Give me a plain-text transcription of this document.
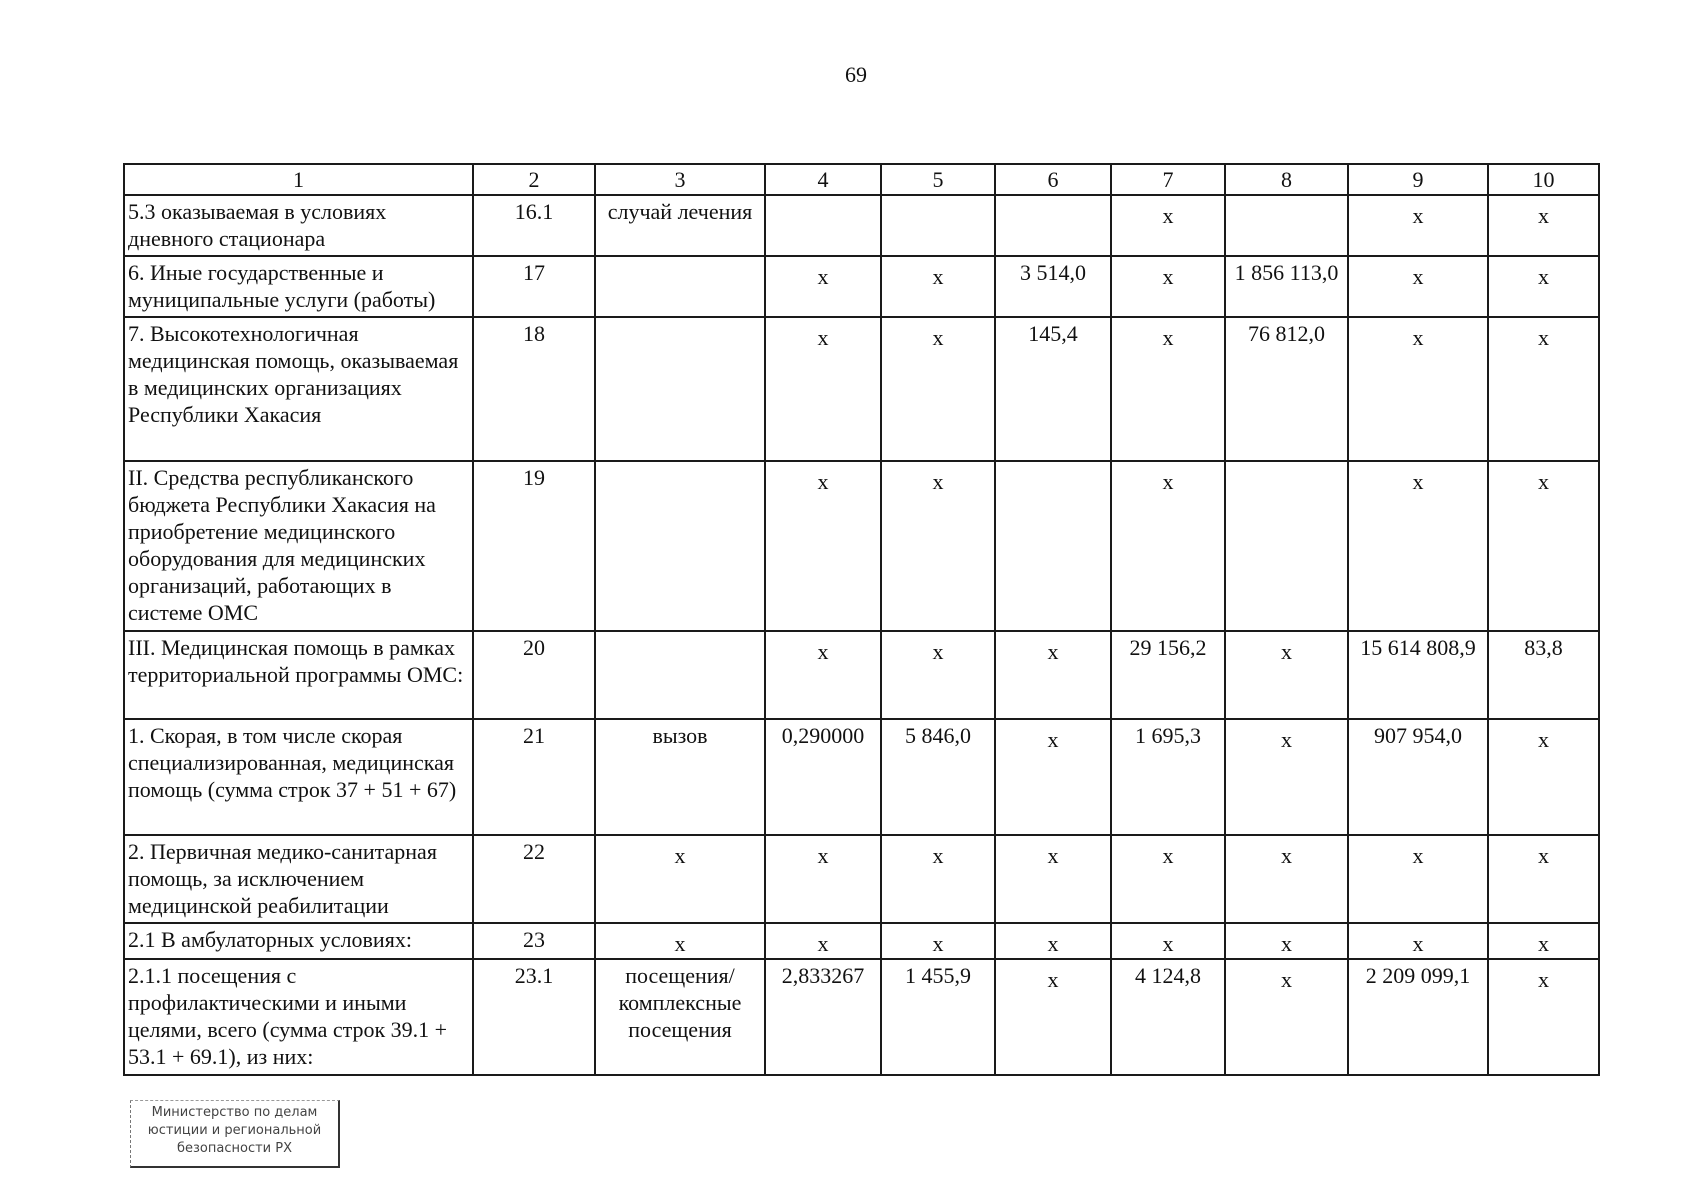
69
1	2	3	4	5	6	7	8	9	10
5.3 оказываемая в условиях дневного стационара	16.1	случай лечения				х		х	х
6. Иные государственные и муниципальные услуги (работы)	17		х	х	3 514,0	х	1 856 113,0	х	х
7. Высокотехнологичная медицинская помощь, оказываемая в медицинских организациях Республики Хакасия	18		х	х	145,4	х	76 812,0	х	х
II. Средства республиканского бюджета Республики Хакасия на приобретение медицинского оборудования для медицинских организаций, работающих в системе ОМС	19		х	х		х		х	х
III. Медицинская помощь в рамках территориальной программы ОМС:	20		х	х	х	29 156,2	х	15 614 808,9	83,8
1. Скорая, в том числе скорая специализированная, медицинская помощь (сумма строк 37 + 51 + 67)	21	вызов	0,290000	5 846,0	х	1 695,3	х	907 954,0	х
2. Первичная медико-санитарная помощь, за исключением медицинской реабилитации	22	х	х	х	х	х	х	х	х
2.1 В амбулаторных условиях:	23	х	х	х	х	х	х	х	х
2.1.1 посещения с профилактическими и иными целями, всего (сумма строк 39.1 + 53.1 + 69.1), из них:	23.1	посещения/ комплексные посещения	2,833267	1 455,9	х	4 124,8	х	2 209 099,1	х
Министерство по делам
юстиции и региональной
безопасности РХ
